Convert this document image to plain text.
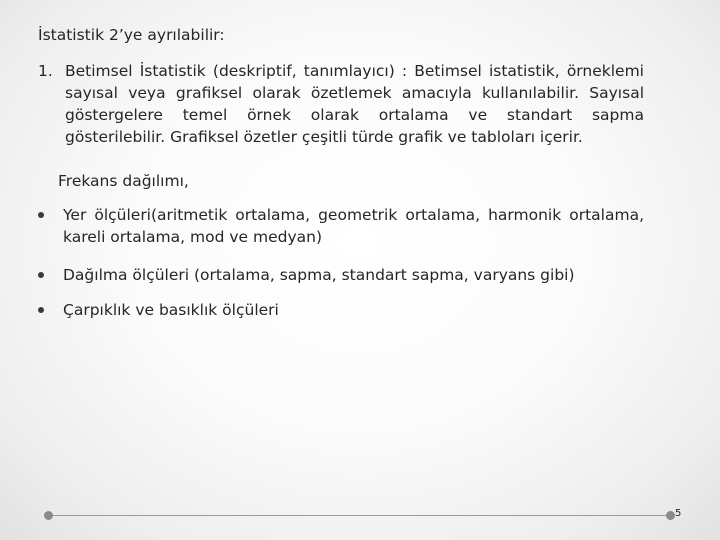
İstatistik 2’ye ayrılabilir:

1. Betimsel İstatistik (deskriptif, tanımlayıcı) : Betimsel istatistik, örneklemi sayısal veya grafiksel olarak özetlemek amacıyla kullanılabilir. Sayısal göstergelere temel örnek olarak ortalama ve standart sapma gösterilebilir. Grafiksel özetler çeşitli türde grafik ve tabloları içerir.
Frekans dağılımı,
Yer ölçüleri(aritmetik ortalama, geometrik ortalama, harmonik ortalama, kareli ortalama, mod ve medyan)
Dağılma ölçüleri (ortalama, sapma, standart sapma, varyans gibi)
Çarpıklık ve basıklık ölçüleri
5
